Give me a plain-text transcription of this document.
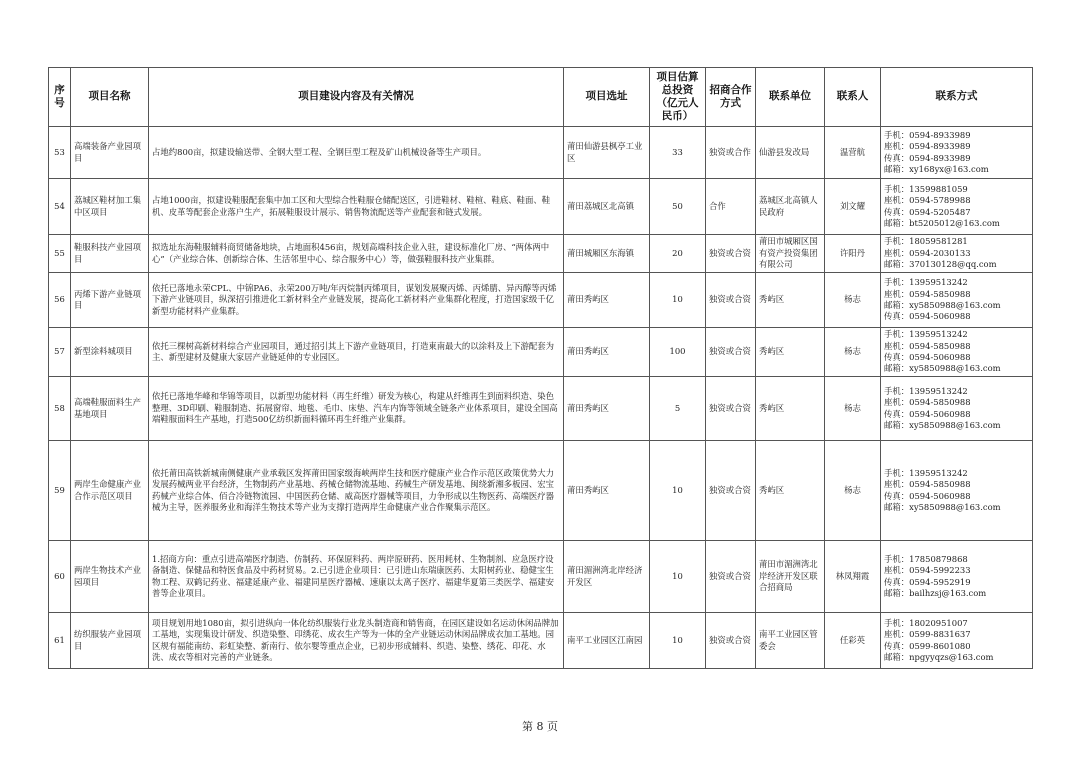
序号	项目名称	项目建设内容及有关情况	项目选址	项目估算总投资（亿元人民币）	招商合作方式	联系单位	联系人	联系方式
53	高端装备产业园项目	占地约800亩，拟建设输送带、全钢大型工程、全钢巨型工程及矿山机械设备等生产项目。	莆田仙游县枫亭工业区	33	独资或合作	仙游县发改局	温营航	手机：0594-8933989
座机：0594-8933989
传真：0594-8933989
邮箱：xy168yx@163.com

54	荔城区鞋材加工集中区项目	占地1000亩，拟建设鞋服配套集中加工区和大型综合性鞋服仓储配送区，引进鞋材、鞋楦、鞋底、鞋面、鞋机、皮革等配套企业落户生产，拓展鞋服设计展示、销售物流配送等产业配套和链式发展。	莆田荔城区北高镇	50	合作	荔城区北高镇人民政府	刘文耀	手机：13599881059
座机：0594-5789988
传真：0594-5205487
邮箱：bt5205012@163.com

55	鞋服科技产业园项目	拟选址东海鞋服辅料商贸储备地块，占地面积456亩，规划高端科技企业入驻，建设标准化厂房、“两体两中心”（产业综合体、创新综合体、生活邻里中心、综合服务中心）等，做强鞋服科技产业集群。	莆田城厢区东海镇	20	独资或合资	莆田市城厢区国有资产投资集团有限公司	许阳丹	手机：18059581281
座机：0594-2030133
邮箱：370130128@qq.com

56	丙烯下游产业链项目	依托已落地永荣CPL、中锦PA6、永荣200万吨/年丙烷制丙烯项目，谋划发展聚丙烯、丙烯腈、异丙醇等丙烯下游产业链项目，纵深招引推进化工新材料全产业链发展，提高化工新材料产业集群化程度，打造国家级千亿新型功能材料产业集群。	莆田秀屿区	10	独资或合资	秀屿区	杨志	手机：13959513242
座机：0594-5850988
邮箱：xy5850988@163.com
传真：0594-5060988

57	新型涂料城项目	依托三棵树高新材料综合产业园项目，通过招引其上下游产业链项目，打造東南最大的以涂料及上下游配套为主、新型建材及健康大家居产业链延伸的专业园区。	莆田秀屿区	100	独资或合资	秀屿区	杨志	手机：13959513242
座机：0594-5850988
传真：0594-5060988
邮箱：xy5850988@163.com

58	高端鞋服面料生产基地项目	依托已落地华峰和华锦等项目，以新型功能材料（再生纤维）研发为核心，构建从纤维再生到面料织造、染色整理、3D印刷、鞋服制造、拓展窗帘、地毯、毛巾、床垫、汽车内饰等领域全链条产业体系项目，建设全国高端鞋服面料生产基地，打造500亿纺织新面料循环再生纤维产业集群。	莆田秀屿区	5	独资或合资	秀屿区	杨志	手机：13959513242
座机：0594-5850988
传真：0594-5060988
邮箱：xy5850988@163.com

59	两岸生命健康产业合作示范区项目	依托莆田高铁新城南侧健康产业承载区发挥莆田国家级海峡两岸生技和医疗健康产业合作示范区政策优势大力发展药械两业平台经济，生物制药产业基地、药械仓储物流基地、药械生产研发基地、闽绕新湘多板园、宏宝药械产业综合体、佰合冷链物流园、中国医药仓储、威高医疗器械等项目，力争形成以生物医药、高端医疗器械为主导，医养服务业和海洋生物技术等产业为支撑打造两岸生命健康产业合作聚集示范区。	莆田秀屿区	10	独资或合资	秀屿区	杨志	手机：13959513242
座机：0594-5850988
传真：0594-5060988
邮箱：xy5850988@163.com

60	两岸生物技术产业园项目	1.招商方向：重点引进高端医疗制造、仿制药、环保原料药、两岸原研药、医用耗材、生物制剂、应急医疗设备制造、保健品和特医食品及中药材贸易。2.已引进企业项目：已引进山东瑞康医药、太阳树药业、稳健宝生物工程、双鹤记药业、福建延康产业、福建同星医疗器械、速康以太离子医疗、福建华夏第三类医学、福建安普等企业项目。	莆田湄洲湾北岸经济开发区	10	独资或合资	莆田市湄洲湾北岸经济开发区联合招商局	林凤翔霞	手机：17850879868
座机：0594-5992233
传真：0594-5952919
邮箱：bailhzsj@163.com

61	纺织服装产业园项目	项目规划用地1080亩，拟引进纵向一体化纺织服装行业龙头制造商和销售商，在园区建设如名运动休闲品牌加工基地，实现集设计研发、织造染整、印绣花、成衣生产等为一体的全产业链运动休闲品牌成衣加工基地。园区规有福能南纺、彩虹染整、新南行、依尔婴等重点企业，已初步形成辅料、织造、染整、绣花、印花、水洗、成衣等相对完善的产业链条。	南平工业园区江南园	10	独资或合资	南平工业园区管委会	任彩英	手机：18020951007
座机：0599-8831637
传真：0599-8601080
邮箱：npgyyqzs@163.com
第 8 页
